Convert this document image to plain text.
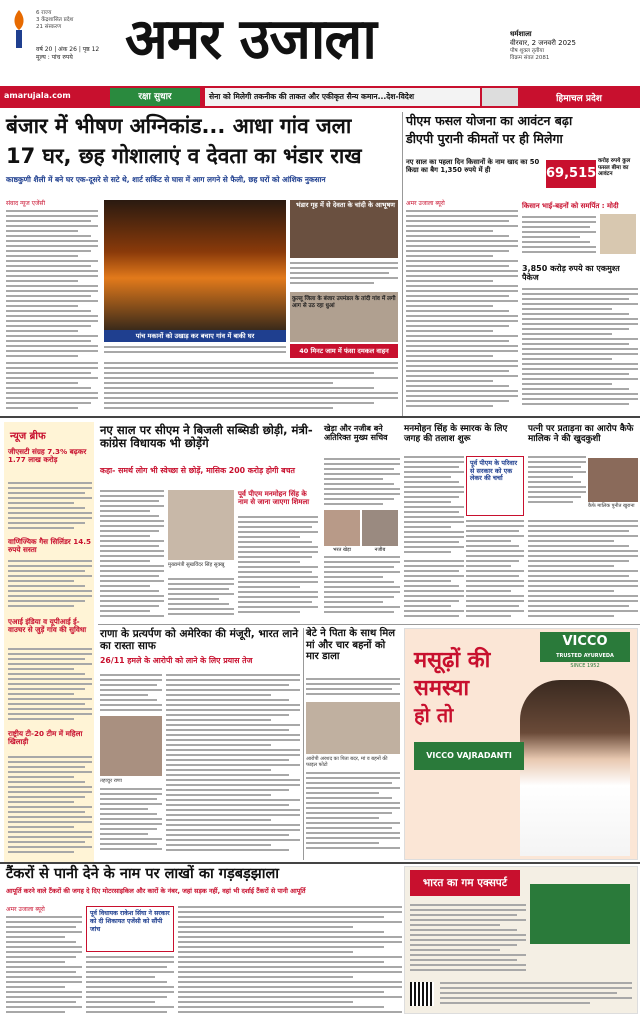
6 राज्य
3 केंद्रशासित प्रदेश
21 संस्करण
वर्ष 20 | अंक 26 | पृष्ठ 12
मूल्य : पांच रुपये अमर उजाला	धर्मशाला
वीरवार, 2 जनवरी 2025
पौष शुक्ल तृतीया
विक्रम संवत 2081
amarujala.com	रक्षा सुधार	सेना को मिलेगी तकनीक की ताकत और एकीकृत सैन्य कमान...देश-विदेश	हिमाचल प्रदेश
बंजार में भीषण अग्निकांड... आधा गांव जला
17 घर, छह गोशालाएं व देवता का भंडार राख
काष्ठकुणी शैली में बने घर एक-दूसरे से सटे थे, शार्ट सर्किट से घास में आग लगने से फैली, छह घरों को आंशिक नुकसान
संवाद न्यूज एजेंसी
पांच मकानों को उखाड़ कर बचाए गांव में बाकी घर
भंडार गृह में से देवता के चांदी के आभूषण
कुल्लू जिला के बंजार उपमंडल के तांदी गांव में लगी आग से उठ रहा धुआं
40 मिनट जाम में फंसा दमकल वाहन
पीएम फसल योजना का आवंटन बढ़ा
डीएपी पुरानी कीमतों पर ही मिलेगा
नए साल का पहला दिन किसानों के नाम खाद का 50 किग्रा का बैग 1,350 रुपये में ही	69,515
करोड़ रुपये कुल फसल बीमा का आवंटन
अमर उजाला ब्यूरो	किसान भाई-बहनों को समर्पित : मोदी
3,850 करोड़ रुपये का एकमुश्त पैकेज
न्यूज ब्रीफ
जीएसटी संग्रह 7.3% बढ़कर 1.77 लाख करोड़
वाणिज्यिक गैस सिलिंडर 14.5 रुपये सस्ता
एआई इंडिया व यूपीआई ई-वाउचर से जुड़ें गांव की सुविधा
राष्ट्रीय टी-20 टीम में महिला खिलाड़ी
नए साल पर सीएम ने बिजली सब्सिडी छोड़ी, मंत्री-कांग्रेस विधायक भी छोड़ेंगे
कहा- समर्थ लोग भी स्वेच्छा से छोड़ें, मासिक 200 करोड़ होगी बचत
मुख्यमंत्री सुखविंदर सिंह सुक्खू
पूर्व पीएम मनमोहन सिंह के नाम से जाना जाएगा शिमला
खेड़ा और नजीब बने अतिरिक्त मुख्य सचिव
भरत खेड़ा	नजीब
मनमोहन सिंह के स्मारक के लिए जगह की तलाश शुरू
पूर्व पीएम के परिवार से सरकार को एक लेकर की चर्चा
पत्नी पर प्रताड़ना का आरोप कैफे मालिक ने की खुदकुशी
कैफे मालिक पुनीत खुराना
राणा के प्रत्यर्पण को अमेरिका की मंजूरी, भारत लाने का रास्ता साफ
26/11 हमले के आरोपी को लाने के लिए प्रयास तेज
तहव्वुर राणा
बेटे ने पिता के साथ मिल मां और चार बहनों को मार डाला
आरोपी अरशद का पिता बदर, मां व बहनों की फाइल फोटो
VICCO
TRUSTED AYURVEDA
SINCE 1952
मसूढ़ों की
समस्या
हो तो
VICCO VAJRADANTI
टैंकरों से पानी देने के नाम पर लाखों का गड़बड़झाला
आपूर्ति करने वाले टैंकरों की जगह दे दिए मोटरसाइकिल और कारों के नंबर, जहां सड़क नहीं, वहां भी दर्शाई टैंकरों से पानी आपूर्ति
अमर उजाला ब्यूरो
पूर्व विधायक राकेश सिंघा ने सरकार को दी शिकायत एजेंसी को सौंपी जांच
भारत का गम एक्सपर्ट
